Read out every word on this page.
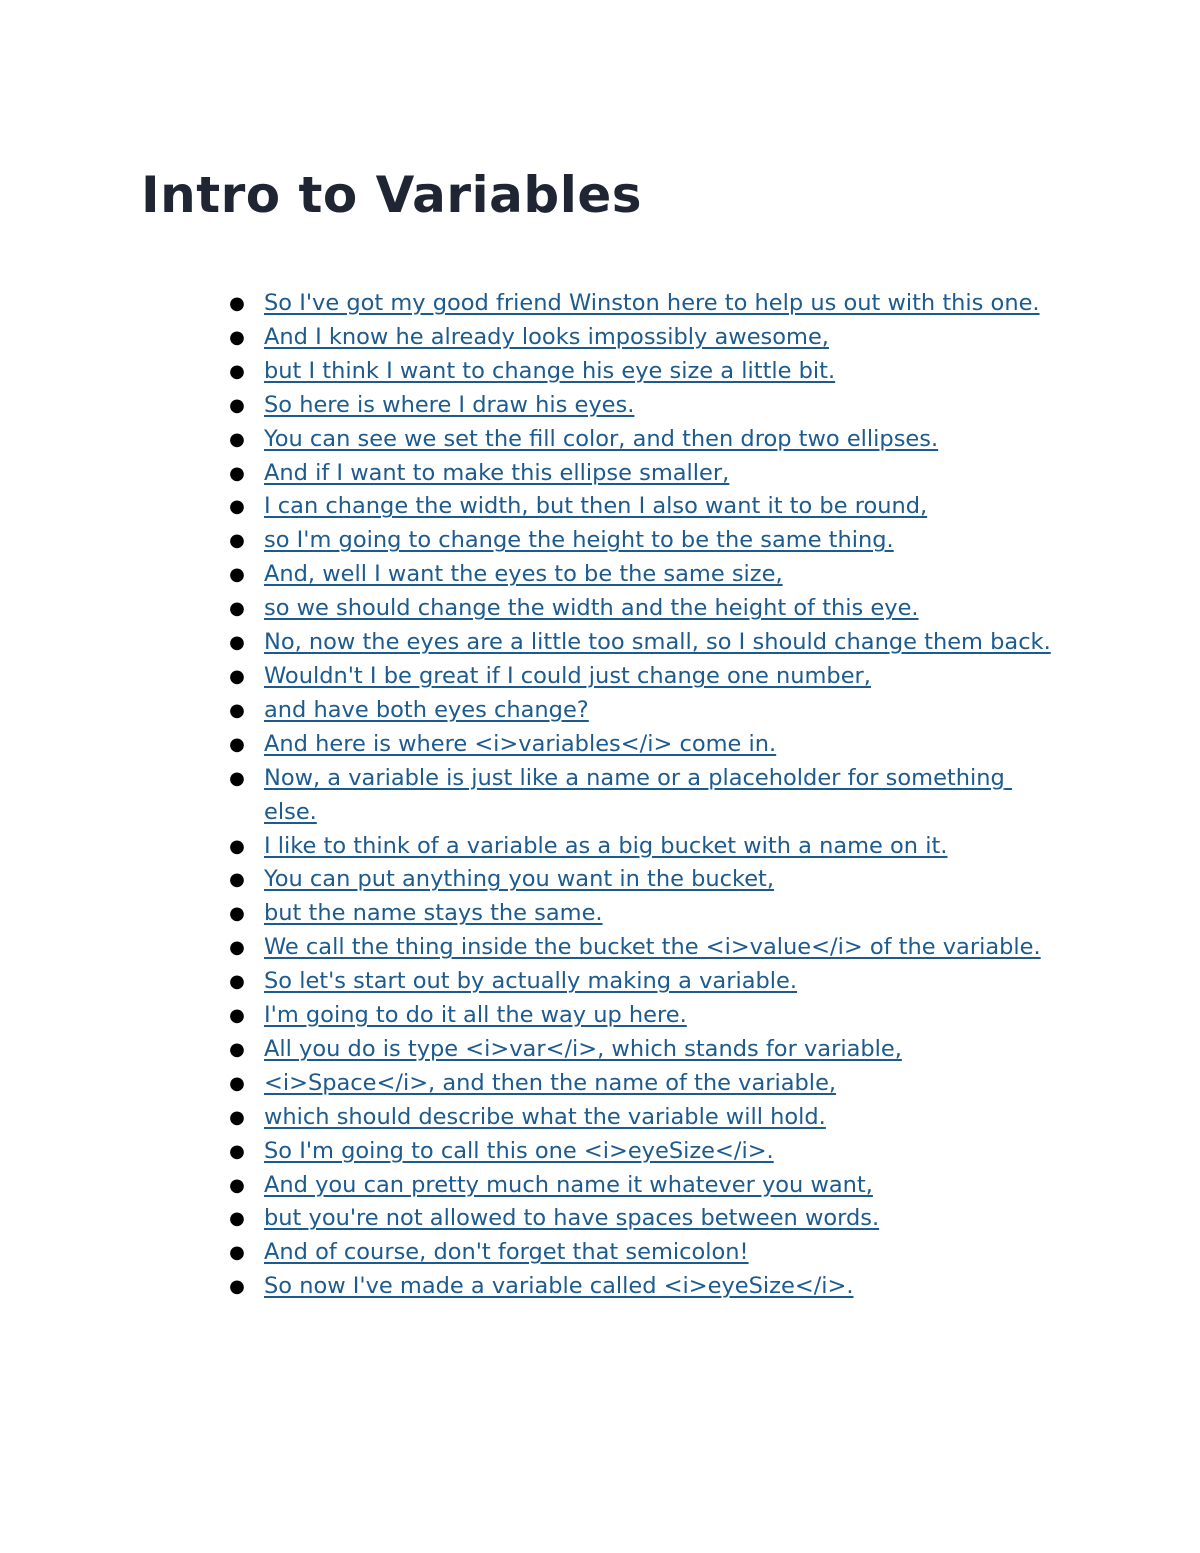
Intro to Variables
● So I've got my good friend Winston here to help us out with this one.
● And I know he already looks impossibly awesome,
● but I think I want to change his eye size a little bit.
● So here is where I draw his eyes.
● You can see we set the fill color, and then drop two ellipses.
● And if I want to make this ellipse smaller,
● I can change the width, but then I also want it to be round,
● so I'm going to change the height to be the same thing.
● And, well I want the eyes to be the same size,
● so we should change the width and the height of this eye.
● No, now the eyes are a little too small, so I should change them back.
● Wouldn't I be great if I could just change one number,
● and have both eyes change?
● And here is where <i>variables</i> come in.
● Now, a variable is just like a name or a placeholder for something else.
● I like to think of a variable as a big bucket with a name on it.
● You can put anything you want in the bucket,
● but the name stays the same.
● We call the thing inside the bucket the <i>value</i> of the variable.
● So let's start out by actually making a variable.
● I'm going to do it all the way up here.
● All you do is type <i>var</i>, which stands for variable,
● <i>Space</i>, and then the name of the variable,
● which should describe what the variable will hold.
● So I'm going to call this one <i>eyeSize</i>.
● And you can pretty much name it whatever you want,
● but you're not allowed to have spaces between words.
● And of course, don't forget that semicolon!
● So now I've made a variable called <i>eyeSize</i>.
